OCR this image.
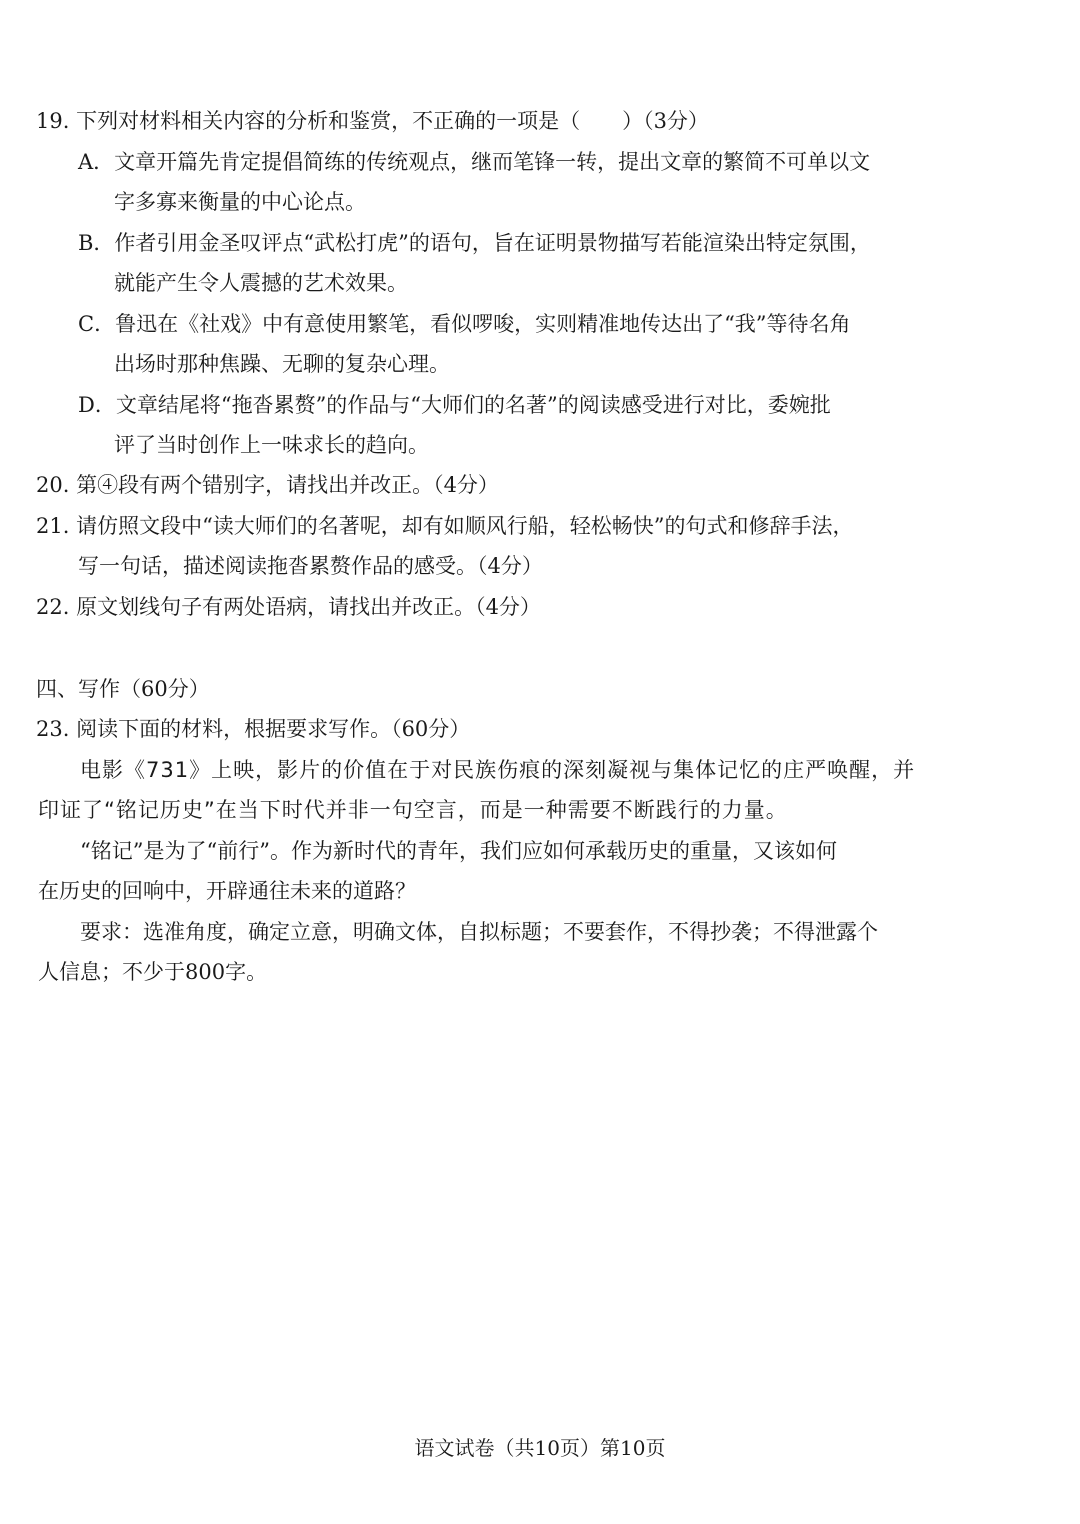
19. 下列对材料相关内容的分析和鉴赏，不正确的一项是（　　）（3分）
A．文章开篇先肯定提倡简练的传统观点，继而笔锋一转，提出文章的繁简不可单以文
字多寡来衡量的中心论点。
B．作者引用金圣叹评点“武松打虎”的语句，旨在证明景物描写若能渲染出特定氛围，
就能产生令人震撼的艺术效果。
C．鲁迅在《社戏》中有意使用繁笔，看似啰唆，实则精准地传达出了“我”等待名角
出场时那种焦躁、无聊的复杂心理。
D．文章结尾将“拖沓累赘”的作品与“大师们的名著”的阅读感受进行对比，委婉批
评了当时创作上一味求长的趋向。
20. 第④段有两个错别字，请找出并改正。（4分）
21. 请仿照文段中“读大师们的名著呢，却有如顺风行船，轻松畅快”的句式和修辞手法，
写一句话，描述阅读拖沓累赘作品的感受。（4分）
22. 原文划线句子有两处语病，请找出并改正。（4分）
四、写作（60分）
23. 阅读下面的材料，根据要求写作。（60分）
电影《731》上映，影片的价值在于对民族伤痕的深刻凝视与集体记忆的庄严唤醒，并
印证了“铭记历史”在当下时代并非一句空言，而是一种需要不断践行的力量。
“铭记”是为了“前行”。作为新时代的青年，我们应如何承载历史的重量，又该如何
在历史的回响中，开辟通往未来的道路？
要求：选准角度，确定立意，明确文体，自拟标题；不要套作，不得抄袭；不得泄露个
人信息；不少于800字。
语文试卷（共10页）第10页
